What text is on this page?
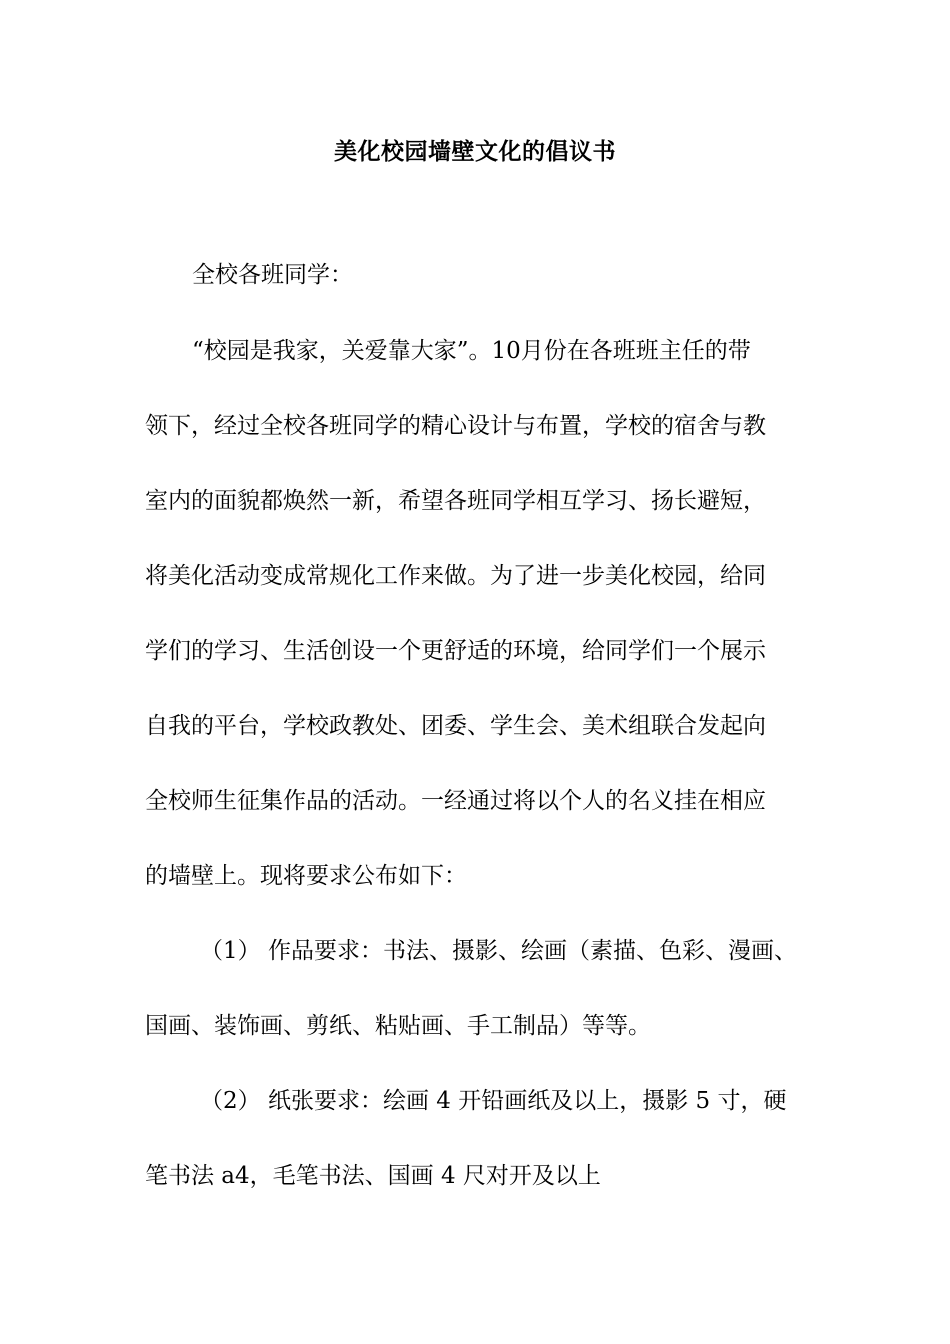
美化校园墙壁文化的倡议书
全校各班同学：
“校园是我家，关爱靠大家”。10月份在各班班主任的带
领下，经过全校各班同学的精心设计与布置，学校的宿舍与教
室内的面貌都焕然一新，希望各班同学相互学习、扬长避短，
将美化活动变成常规化工作来做。为了进一步美化校园，给同
学们的学习、生活创设一个更舒适的环境，给同学们一个展示
自我的平台，学校政教处、团委、学生会、美术组联合发起向
全校师生征集作品的活动。一经通过将以个人的名义挂在相应
的墙壁上。现将要求公布如下：
（1） 作品要求：书法、摄影、绘画（素描、色彩、漫画、
国画、装饰画、剪纸、粘贴画、手工制品）等等。
（2） 纸张要求：绘画 4 开铅画纸及以上，摄影 5 寸，硬
笔书法 a4，毛笔书法、国画 4 尺对开及以上
